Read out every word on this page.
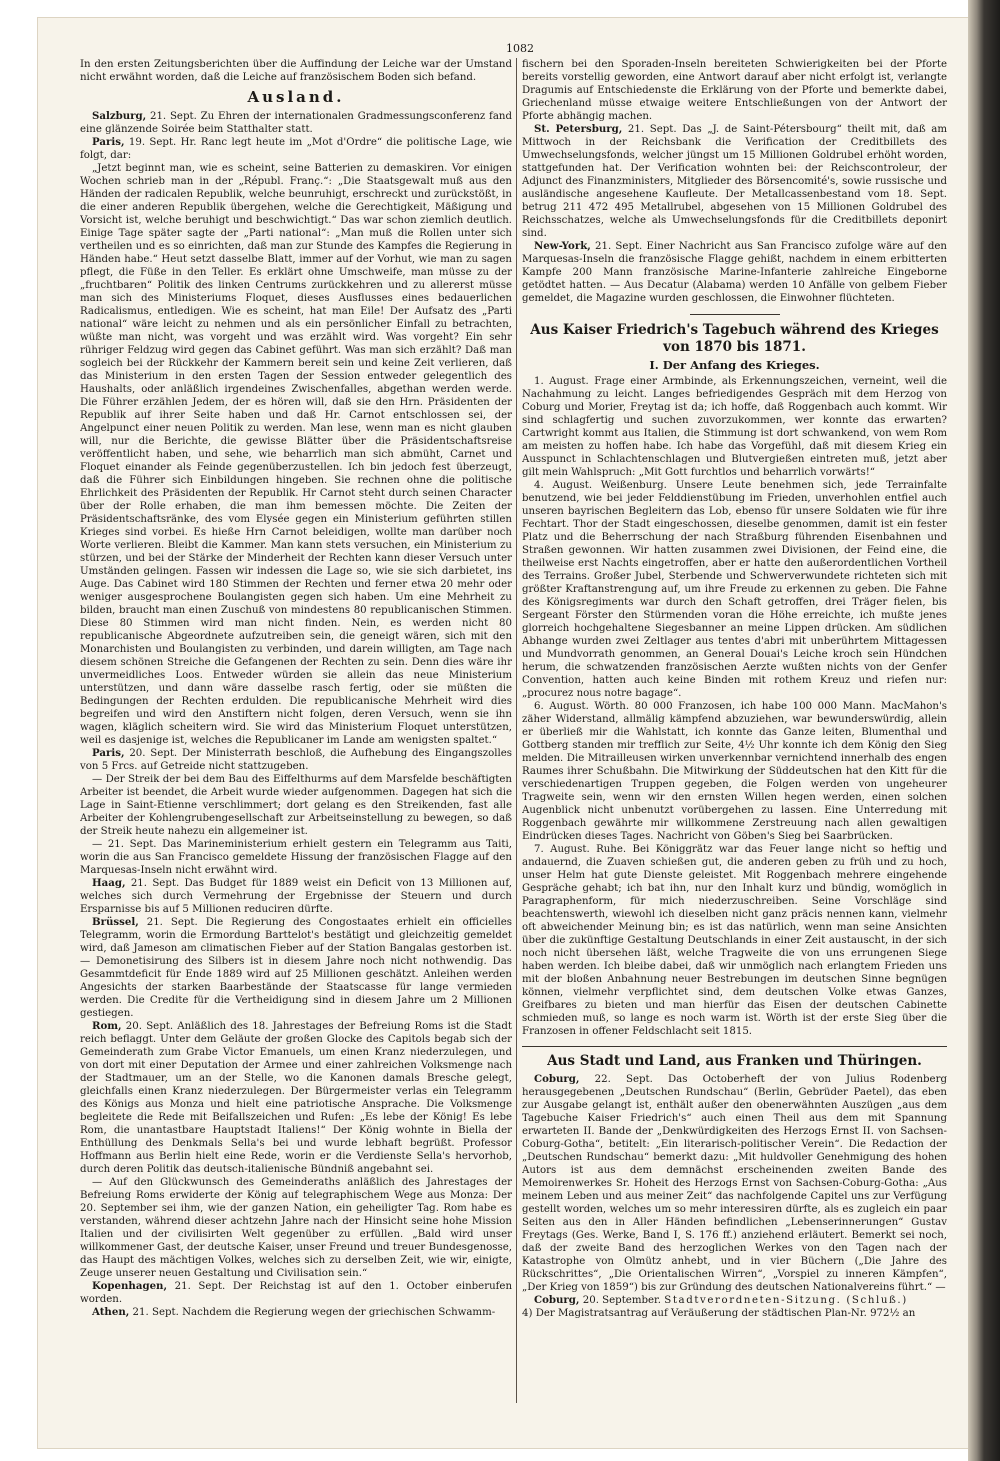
1082

In den ersten Zeitungsberichten über die Auffindung der Leiche war der Umstand nicht erwähnt worden, daß die Leiche auf französischem Boden sich befand.

Ausland.

Salzburg, 21. Sept. Zu Ehren der internationalen Gradmessungsconferenz fand eine glänzende Soirée beim Statthalter statt.

Paris, 19. Sept. Hr. Ranc legt heute im „Mot d'Ordre“ die politische Lage, wie folgt, dar:

„Jetzt beginnt man, wie es scheint, seine Batterien zu demaskiren. Vor einigen Wochen schrieb man in der „Républ. Franç.“: „Die Staatsgewalt muß aus den Händen der radicalen Republik, welche beunruhigt, erschreckt und zurückstößt, in die einer anderen Republik übergehen, welche die Gerechtigkeit, Mäßigung und Vorsicht ist, welche beruhigt und beschwichtigt.“ Das war schon ziemlich deutlich. Einige Tage später sagte der „Parti national“: „Man muß die Rollen unter sich vertheilen und es so einrichten, daß man zur Stunde des Kampfes die Regierung in Händen habe.“ Heut setzt dasselbe Blatt, immer auf der Vorhut, wie man zu sagen pflegt, die Füße in den Teller. Es erklärt ohne Umschweife, man müsse zu der „fruchtbaren“ Politik des linken Centrums zurückkehren und zu allererst müsse man sich des Ministeriums Floquet, dieses Ausflusses eines bedauerlichen Radicalismus, entledigen. Wie es scheint, hat man Eile! Der Aufsatz des „Parti national“ wäre leicht zu nehmen und als ein persönlicher Einfall zu betrachten, wüßte man nicht, was vorgeht und was erzählt wird. Was vorgeht? Ein sehr rühriger Feldzug wird gegen das Cabinet geführt. Was man sich erzählt? Daß man sogleich bei der Rückkehr der Kammern bereit sein und keine Zeit verlieren, daß das Ministerium in den ersten Tagen der Session entweder gelegentlich des Haushalts, oder anläßlich irgendeines Zwischenfalles, abgethan werden werde. Die Führer erzählen Jedem, der es hören will, daß sie den Hrn. Präsidenten der Republik auf ihrer Seite haben und daß Hr. Carnot entschlossen sei, der Angelpunct einer neuen Politik zu werden. Man lese, wenn man es nicht glauben will, nur die Berichte, die gewisse Blätter über die Präsidentschaftsreise veröffentlicht haben, und sehe, wie beharrlich man sich abmüht, Carnet und Floquet einander als Feinde gegenüberzustellen. Ich bin jedoch fest überzeugt, daß die Führer sich Einbildungen hingeben. Sie rechnen ohne die politische Ehrlichkeit des Präsidenten der Republik. Hr Carnot steht durch seinen Character über der Rolle erhaben, die man ihm bemessen möchte. Die Zeiten der Präsidentschaftsränke, des vom Elysée gegen ein Ministerium geführten stillen Krieges sind vorbei. Es hieße Hrn Carnot beleidigen, wollte man darüber noch Worte verlieren. Bleibt die Kammer. Man kann stets versuchen, ein Ministerium zu stürzen, und bei der Stärke der Minderheit der Rechten kann dieser Versuch unter Umständen gelingen. Fassen wir indessen die Lage so, wie sie sich darbietet, ins Auge. Das Cabinet wird 180 Stimmen der Rechten und ferner etwa 20 mehr oder weniger ausgesprochene Boulangisten gegen sich haben. Um eine Mehrheit zu bilden, braucht man einen Zuschuß von mindestens 80 republicanischen Stimmen. Diese 80 Stimmen wird man nicht finden. Nein, es werden nicht 80 republicanische Abgeordnete aufzutreiben sein, die geneigt wären, sich mit den Monarchisten und Boulangisten zu verbinden, und darein willigten, am Tage nach diesem schönen Streiche die Gefangenen der Rechten zu sein. Denn dies wäre ihr unvermeidliches Loos. Entweder würden sie allein das neue Ministerium unterstützen, und dann wäre dasselbe rasch fertig, oder sie müßten die Bedingungen der Rechten erdulden. Die republicanische Mehrheit wird dies begreifen und wird den Anstiftern nicht folgen, deren Versuch, wenn sie ihn wagen, kläglich scheitern wird. Sie wird das Ministerium Floquet unterstützen, weil es dasjenige ist, welches die Republicaner im Lande am wenigsten spaltet.“

Paris, 20. Sept. Der Ministerrath beschloß, die Aufhebung des Eingangszolles von 5 Frcs. auf Getreide nicht stattzugeben.

— Der Streik der bei dem Bau des Eiffelthurms auf dem Marsfelde beschäftigten Arbeiter ist beendet, die Arbeit wurde wieder aufgenommen. Dagegen hat sich die Lage in Saint-Etienne verschlimmert; dort gelang es den Streikenden, fast alle Arbeiter der Kohlengrubengesellschaft zur Arbeitseinstellung zu bewegen, so daß der Streik heute nahezu ein allgemeiner ist.

— 21. Sept. Das Marineministerium erhielt gestern ein Telegramm aus Taiti, worin die aus San Francisco gemeldete Hissung der französischen Flagge auf den Marquesas-Inseln nicht erwähnt wird.

Haag, 21. Sept. Das Budget für 1889 weist ein Deficit von 13 Millionen auf, welches sich durch Vermehrung der Ergebnisse der Steuern und durch Ersparnisse bis auf 5 Millionen reduciren dürfte.

Brüssel, 21. Sept. Die Regierung des Congostaates erhielt ein officielles Telegramm, worin die Ermordung Barttelot's bestätigt und gleichzeitig gemeldet wird, daß Jameson am climatischen Fieber auf der Station Bangalas gestorben ist. — Demonetisirung des Silbers ist in diesem Jahre noch nicht nothwendig. Das Gesammtdeficit für Ende 1889 wird auf 25 Millionen geschätzt. Anleihen werden Angesichts der starken Baarbestände der Staatscasse für lange vermieden werden. Die Credite für die Vertheidigung sind in diesem Jahre um 2 Millionen gestiegen.

Rom, 20. Sept. Anläßlich des 18. Jahrestages der Befreiung Roms ist die Stadt reich beflaggt. Unter dem Geläute der großen Glocke des Capitols begab sich der Gemeinderath zum Grabe Victor Emanuels, um einen Kranz niederzulegen, und von dort mit einer Deputation der Armee und einer zahlreichen Volksmenge nach der Stadtmauer, um an der Stelle, wo die Kanonen damals Bresche gelegt, gleichfalls einen Kranz niederzulegen. Der Bürgermeister verlas ein Telegramm des Königs aus Monza und hielt eine patriotische Ansprache. Die Volksmenge begleitete die Rede mit Beifallszeichen und Rufen: „Es lebe der König! Es lebe Rom, die unantastbare Hauptstadt Italiens!“ Der König wohnte in Biella der Enthüllung des Denkmals Sella's bei und wurde lebhaft begrüßt. Professor Hoffmann aus Berlin hielt eine Rede, worin er die Verdienste Sella's hervorhob, durch deren Politik das deutsch-italienische Bündniß angebahnt sei.

— Auf den Glückwunsch des Gemeinderaths anläßlich des Jahrestages der Befreiung Roms erwiderte der König auf telegraphischem Wege aus Monza: Der 20. September sei ihm, wie der ganzen Nation, ein geheiligter Tag. Rom habe es verstanden, während dieser achtzehn Jahre nach der Hinsicht seine hohe Mission Italien und der civilisirten Welt gegenüber zu erfüllen. „Bald wird unser willkommener Gast, der deutsche Kaiser, unser Freund und treuer Bundesgenosse, das Haupt des mächtigen Volkes, welches sich zu derselben Zeit, wie wir, einigte, Zeuge unserer neuen Gestaltung und Civilisation sein.“

Kopenhagen, 21. Sept. Der Reichstag ist auf den 1. October einberufen worden.

Athen, 21. Sept. Nachdem die Regierung wegen der griechischen Schwamm-

fischern bei den Sporaden-Inseln bereiteten Schwierigkeiten bei der Pforte bereits vorstellig geworden, eine Antwort darauf aber nicht erfolgt ist, verlangte Dragumis auf Entschiedenste die Erklärung von der Pforte und bemerkte dabei, Griechenland müsse etwaige weitere Entschließungen von der Antwort der Pforte abhängig machen.

St. Petersburg, 21. Sept. Das „J. de Saint-Pétersbourg“ theilt mit, daß am Mittwoch in der Reichsbank die Verification der Creditbillets des Umwechselungsfonds, welcher jüngst um 15 Millionen Goldrubel erhöht worden, stattgefunden hat. Der Verification wohnten bei: der Reichscontroleur, der Adjunct des Finanzministers, Mitglieder des Börsencomité's, sowie russische und ausländische angesehene Kaufleute. Der Metallcassenbestand vom 18. Sept. betrug 211 472 495 Metallrubel, abgesehen von 15 Millionen Goldrubel des Reichsschatzes, welche als Umwechselungsfonds für die Creditbillets deponirt sind.

New-York, 21. Sept. Einer Nachricht aus San Francisco zufolge wäre auf den Marquesas-Inseln die französische Flagge gehißt, nachdem in einem erbitterten Kampfe 200 Mann französische Marine-Infanterie zahlreiche Eingeborne getödtet hatten. — Aus Decatur (Alabama) werden 10 Anfälle von gelbem Fieber gemeldet, die Magazine wurden geschlossen, die Einwohner flüchteten.

Aus Kaiser Friedrich's Tagebuch während des Krieges von 1870 bis 1871.
I. Der Anfang des Krieges.

1. August. Frage einer Armbinde, als Erkennungszeichen, verneint, weil die Nachahmung zu leicht. Langes befriedigendes Gespräch mit dem Herzog von Coburg und Morier, Freytag ist da; ich hoffe, daß Roggenbach auch kommt. Wir sind schlagfertig und suchen zuvorzukommen, wer konnte das erwarten? Cartwright kommt aus Italien, die Stimmung ist dort schwankend, von wem Rom am meisten zu hoffen habe. Ich habe das Vorgefühl, daß mit diesem Krieg ein Ausspunct in Schlachtenschlagen und Blutvergießen eintreten muß, jetzt aber gilt mein Wahlspruch: „Mit Gott furchtlos und beharrlich vorwärts!“

4. August. Weißenburg. Unsere Leute benehmen sich, jede Terrainfalte benutzend, wie bei jeder Felddienstübung im Frieden, unverhohlen entfiel auch unseren bayrischen Begleitern das Lob, ebenso für unsere Soldaten wie für ihre Fechtart. Thor der Stadt eingeschossen, dieselbe genommen, damit ist ein fester Platz und die Beherrschung der nach Straßburg führenden Eisenbahnen und Straßen gewonnen. Wir hatten zusammen zwei Divisionen, der Feind eine, die theilweise erst Nachts eingetroffen, aber er hatte den außerordentlichen Vortheil des Terrains. Großer Jubel, Sterbende und Schwerverwundete richteten sich mit größter Kraftanstrengung auf, um ihre Freude zu erkennen zu geben. Die Fahne des Königsregiments war durch den Schaft getroffen, drei Träger fielen, bis Sergeant Förster den Stürmenden voran die Höhe erreichte, ich mußte jenes glorreich hochgehaltene Siegesbanner an meine Lippen drücken. Am südlichen Abhange wurden zwei Zeltlager aus tentes d'abri mit unberührtem Mittagessen und Mundvorrath genommen, an General Douai's Leiche kroch sein Hündchen herum, die schwatzenden französischen Aerzte wußten nichts von der Genfer Convention, hatten auch keine Binden mit rothem Kreuz und riefen nur: „procurez nous notre bagage“.

6. August. Wörth. 80 000 Franzosen, ich habe 100 000 Mann. MacMahon's zäher Widerstand, allmälig kämpfend abzuziehen, war bewunderswürdig, allein er überließ mir die Wahlstatt, ich konnte das Ganze leiten, Blumenthal und Gottberg standen mir trefflich zur Seite, 4½ Uhr konnte ich dem König den Sieg melden. Die Mitrailleusen wirken unverkennbar vernichtend innerhalb des engen Raumes ihrer Schußbahn. Die Mitwirkung der Süddeutschen hat den Kitt für die verschiedenartigen Truppen gegeben, die Folgen werden von ungeheurer Tragweite sein, wenn wir den ernsten Willen hegen werden, einen solchen Augenblick nicht unbenutzt vorübergehen zu lassen. Eine Unterredung mit Roggenbach gewährte mir willkommene Zerstreuung nach allen gewaltigen Eindrücken dieses Tages. Nachricht von Göben's Sieg bei Saarbrücken.

7. August. Ruhe. Bei Königgrätz war das Feuer lange nicht so heftig und andauernd, die Zuaven schießen gut, die anderen geben zu früh und zu hoch, unser Helm hat gute Dienste geleistet. Mit Roggenbach mehrere eingehende Gespräche gehabt; ich bat ihn, nur den Inhalt kurz und bündig, womöglich in Paragraphenform, für mich niederzuschreiben. Seine Vorschläge sind beachtenswerth, wiewohl ich dieselben nicht ganz präcis nennen kann, vielmehr oft abweichender Meinung bin; es ist das natürlich, wenn man seine Ansichten über die zukünftige Gestaltung Deutschlands in einer Zeit austauscht, in der sich noch nicht übersehen läßt, welche Tragweite die von uns errungenen Siege haben werden. Ich bleibe dabei, daß wir unmöglich nach erlangtem Frieden uns mit der bloßen Anbahnung neuer Bestrebungen im deutschen Sinne begnügen können, vielmehr verpflichtet sind, dem deutschen Volke etwas Ganzes, Greifbares zu bieten und man hierfür das Eisen der deutschen Cabinette schmieden muß, so lange es noch warm ist. Wörth ist der erste Sieg über die Franzosen in offener Feldschlacht seit 1815.

Aus Stadt und Land, aus Franken und Thüringen.

Coburg, 22. Sept. Das Octoberheft der von Julius Rodenberg herausgegebenen „Deutschen Rundschau“ (Berlin, Gebrüder Paetel), das eben zur Ausgabe gelangt ist, enthält außer den obenerwähnten Auszügen „aus dem Tagebuche Kaiser Friedrich's“ auch einen Theil aus dem mit Spannung erwarteten II. Bande der „Denkwürdigkeiten des Herzogs Ernst II. von Sachsen-Coburg-Gotha“, betitelt: „Ein literarisch-politischer Verein“. Die Redaction der „Deutschen Rundschau“ bemerkt dazu: „Mit huldvoller Genehmigung des hohen Autors ist aus dem demnächst erscheinenden zweiten Bande des Memoirenwerkes Sr. Hoheit des Herzogs Ernst von Sachsen-Coburg-Gotha: „Aus meinem Leben und aus meiner Zeit“ das nachfolgende Capitel uns zur Verfügung gestellt worden, welches um so mehr interessiren dürfte, als es zugleich ein paar Seiten aus den in Aller Händen befindlichen „Lebenserinnerungen“ Gustav Freytags (Ges. Werke, Band I, S. 176 ff.) anziehend erläutert. Bemerkt sei noch, daß der zweite Band des herzoglichen Werkes von den Tagen nach der Katastrophe von Olmütz anhebt, und in vier Büchern („Die Jahre des Rückschrittes“, „Die Orientalischen Wirren“, „Vorspiel zu inneren Kämpfen“, „Der Krieg von 1859“) bis zur Gründung des deutschen Nationalvereins führt.“ —

Coburg, 20. September. Stadtverordneten-Sitzung. (Schluß.)

4) Der Magistratsantrag auf Veräußerung der städtischen Plan-Nr. 972½ an
